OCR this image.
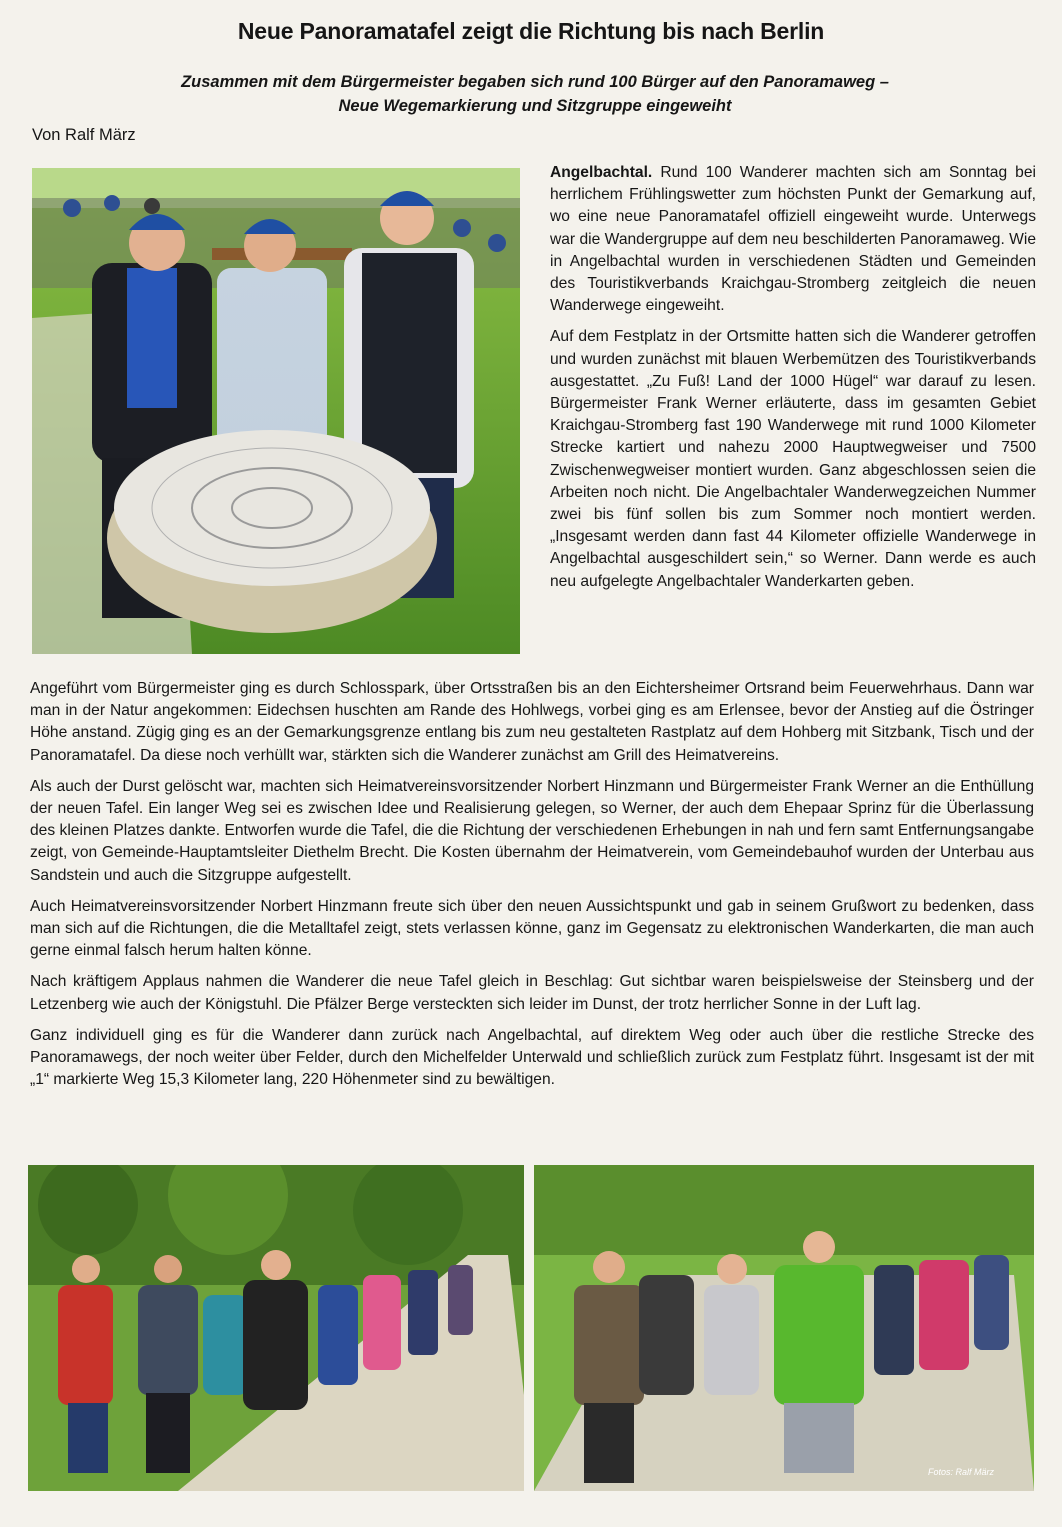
Neue Panoramatafel zeigt die Richtung bis nach Berlin
Zusammen mit dem Bürgermeister begaben sich rund 100 Bürger auf den Panoramaweg –
Neue Wegemarkierung und Sitzgruppe eingeweiht
Von Ralf März

Angelbachtal. Rund 100 Wanderer machten sich am Sonntag bei herrlichem Frühlingswetter zum höchsten Punkt der Gemarkung auf, wo eine neue Panoramatafel offiziell eingeweiht wurde. Unterwegs war die Wandergruppe auf dem neu beschilderten Panoramaweg. Wie in Angelbachtal wurden in verschiedenen Städten und Gemeinden des Touristikverbands Kraichgau-Stromberg zeitgleich die neuen Wanderwege eingeweiht.

Auf dem Festplatz in der Ortsmitte hatten sich die Wanderer getroffen und wurden zunächst mit blauen Werbemützen des Touristikverbands ausgestattet. „Zu Fuß! Land der 1000 Hügel“ war darauf zu lesen. Bürgermeister Frank Werner erläuterte, dass im gesamten Gebiet Kraichgau-Stromberg fast 190 Wanderwege mit rund 1000 Kilometer Strecke kartiert und nahezu 2000 Hauptwegweiser und 7500 Zwischenwegweiser montiert wurden. Ganz abgeschlossen seien die Arbeiten noch nicht. Die Angelbachtaler Wanderwegzeichen Nummer zwei bis fünf sollen bis zum Sommer noch montiert werden. „Insgesamt werden dann fast 44 Kilometer offizielle Wanderwege in Angelbachtal ausgeschildert sein,“ so Werner. Dann werde es auch neu aufgelegte Angelbachtaler Wanderkarten geben.

Angeführt vom Bürgermeister ging es durch Schlosspark, über Ortsstraßen bis an den Eichtersheimer Ortsrand beim Feuerwehrhaus. Dann war man in der Natur angekommen: Eidechsen huschten am Rande des Hohlwegs, vorbei ging es am Erlensee, bevor der Anstieg auf die Östringer Höhe anstand. Zügig ging es an der Gemarkungsgrenze entlang bis zum neu gestalteten Rastplatz auf dem Hohberg mit Sitzbank, Tisch und der Panoramatafel. Da diese noch verhüllt war, stärkten sich die Wanderer zunächst am Grill des Heimatvereins.

Als auch der Durst gelöscht war, machten sich Heimatvereinsvorsitzender Norbert Hinzmann und Bürgermeister Frank Werner an die Enthüllung der neuen Tafel. Ein langer Weg sei es zwischen Idee und Realisierung gelegen, so Werner, der auch dem Ehepaar Sprinz für die Überlassung des kleinen Platzes dankte. Entworfen wurde die Tafel, die die Richtung der verschiedenen Erhebungen in nah und fern samt Entfernungsangabe zeigt, von Gemeinde-Hauptamtsleiter Diethelm Brecht. Die Kosten übernahm der Heimatverein, vom Gemeindebauhof wurden der Unterbau aus Sandstein und auch die Sitzgruppe aufgestellt.

Auch Heimatvereinsvorsitzender Norbert Hinzmann freute sich über den neuen Aussichtspunkt und gab in seinem Grußwort zu bedenken, dass man sich auf die Richtungen, die die Metalltafel zeigt, stets verlassen könne, ganz im Gegensatz zu elektronischen Wanderkarten, die man auch gerne einmal falsch herum halten könne.

Nach kräftigem Applaus nahmen die Wanderer die neue Tafel gleich in Beschlag: Gut sichtbar waren beispielsweise der Steinsberg und der Letzenberg wie auch der Königstuhl. Die Pfälzer Berge versteckten sich leider im Dunst, der trotz herrlicher Sonne in der Luft lag.

Ganz individuell ging es für die Wanderer dann zurück nach Angelbachtal, auf direktem Weg oder auch über die restliche Strecke des Panoramawegs, der noch weiter über Felder, durch den Michelfelder Unterwald und schließlich zurück zum Festplatz führt. Insgesamt ist der mit „1“ markierte Weg 15,3 Kilometer lang, 220 Höhenmeter sind zu bewältigen.

Fotos: Ralf März
